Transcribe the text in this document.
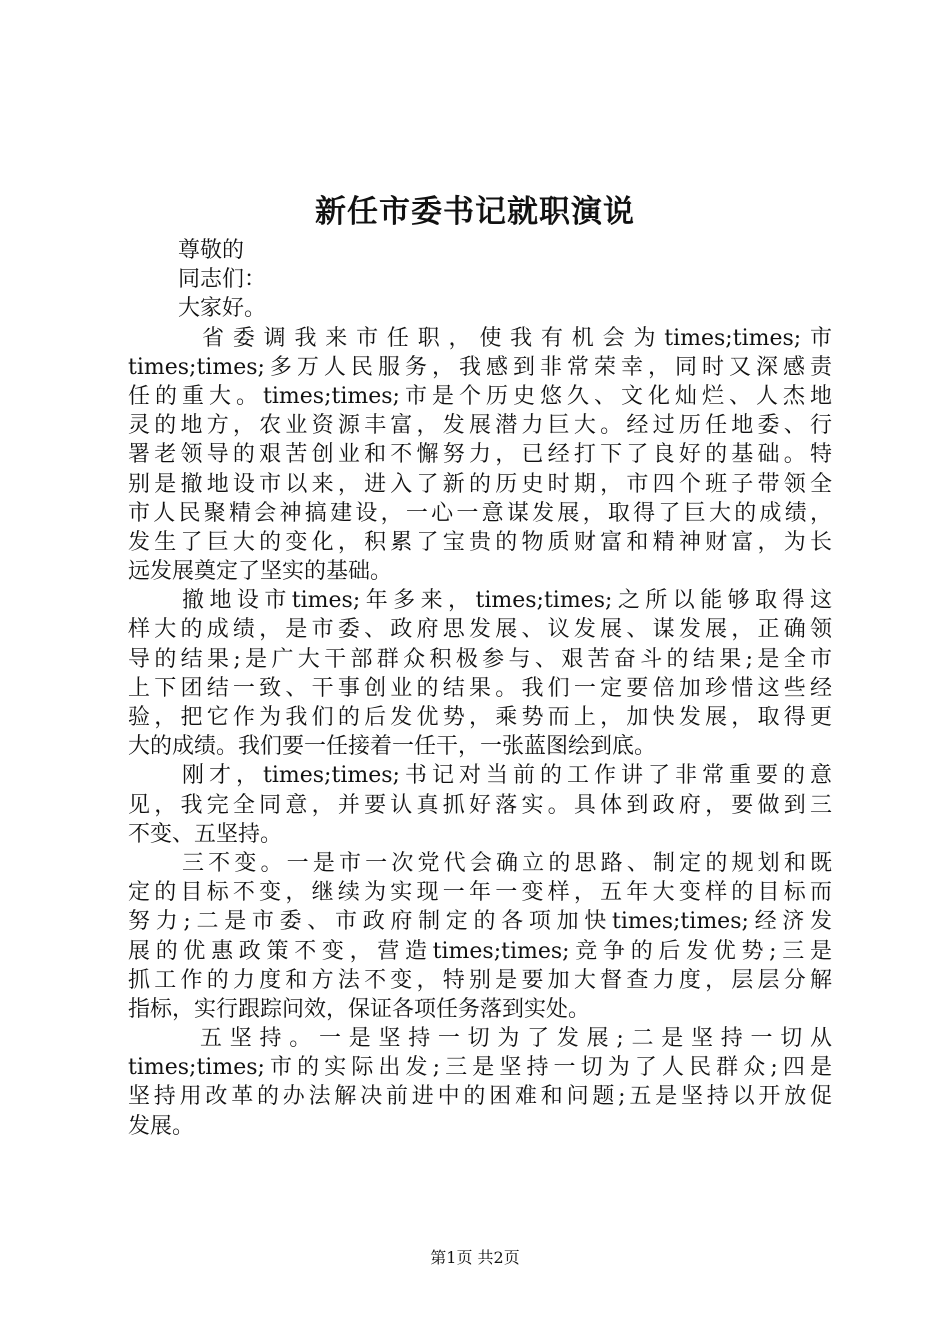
新任市委书记就职演说
尊敬的
同志们：
大家好。
省委调我来市任职，使我有机会为times;times;市
times;times;多万人民服务，我感到非常荣幸，同时又深感责
任的重大。times;times;市是个历史悠久、文化灿烂、人杰地
灵的地方，农业资源丰富，发展潜力巨大。经过历任地委、行
署老领导的艰苦创业和不懈努力，已经打下了良好的基础。特
别是撤地设市以来，进入了新的历史时期，市四个班子带领全
市人民聚精会神搞建设，一心一意谋发展，取得了巨大的成绩，
发生了巨大的变化，积累了宝贵的物质财富和精神财富，为长
远发展奠定了坚实的基础。
撤地设市times;年多来，times;times;之所以能够取得这
样大的成绩，是市委、政府思发展、议发展、谋发展，正确领
导的结果;是广大干部群众积极参与、艰苦奋斗的结果;是全市
上下团结一致、干事创业的结果。我们一定要倍加珍惜这些经
验，把它作为我们的后发优势，乘势而上，加快发展，取得更
大的成绩。我们要一任接着一任干，一张蓝图绘到底。
刚才，times;times;书记对当前的工作讲了非常重要的意
见，我完全同意，并要认真抓好落实。具体到政府，要做到三
不变、五坚持。
三不变。一是市一次党代会确立的思路、制定的规划和既
定的目标不变，继续为实现一年一变样，五年大变样的目标而
努力;二是市委、市政府制定的各项加快times;times;经济发
展的优惠政策不变，营造times;times;竞争的后发优势;三是
抓工作的力度和方法不变，特别是要加大督查力度，层层分解
指标，实行跟踪问效，保证各项任务落到实处。
五坚持。一是坚持一切为了发展;二是坚持一切从
times;times;市的实际出发;三是坚持一切为了人民群众;四是
坚持用改革的办法解决前进中的困难和问题;五是坚持以开放促
发展。
第1页 共2页
